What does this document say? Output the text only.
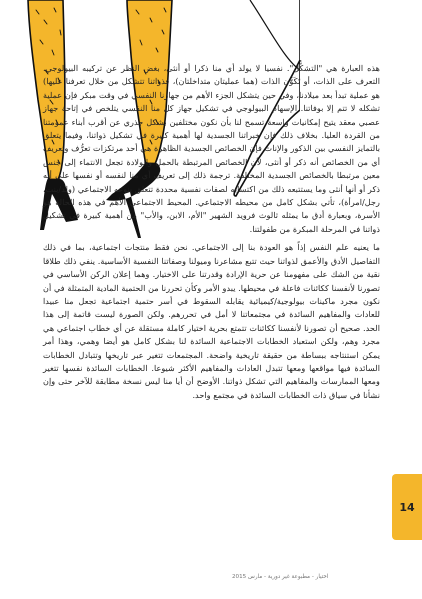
هذه العبارة هي "التشكُّل". نفسيا لا يولد أي منا ذكرا أو أنثى، بغض النظر عن تركيبه البيولوجي. التعرف على الذات، أو تَكَوُّن الذات (هما عمليتان متداخلتان)، فذواتنا تتشكل من خلال تعرفنا عليها) هو عملية تبدأ بعد ميلادنا، وفي حين يتشكل الجزء الأهم من جهازنا النفسي في وقت مبكر فإن عملية تشكله لا تتم إلا بوفاتنا. الإسهام البيولوجي في تشكيل جهاز كل منا النفسي يتلخص في إتاحة جهاز عصبي معقد يتيح إمكانيات واسعة تسمح لنا بأن نكون مختلفين بشكل جذري عن أقرب أبناء عمومتنا من القردة العليا. بخلاف ذلك فإن خبراتنا الجسدية لها أهمية كبيرة في تشكيل ذواتنا، وفيما يتعلق بالتمايز النفسي بين الذكور والإناث فإن الخصائص الجسدية الظاهرة هي أحد مرتكزات تعرُّف وتعريف أي من الخصائص أنه ذكر أو أنثى، لأن الخصائص المرتبطة بالحمل والولادة تجعل الانتماء إلى جنس معين مرتبطا بالخصائص الجسدية المختلفة. ترجمة ذلك إلى تعريف أي منا لنفسه أو نفسها على أنه ذكر أو أنها أنثى وما يستتبعه ذلك من اكتسابه لصفات نفسية محددة تتعلق بنوعه الاجتماعي (ولد/بنت، رجل/امرأة)، تأتي بشكل كامل من محيطه الاجتماعي. المحيط الاجتماعي الأهم في هذه الحالة هو الأسرة، وبعبارة أدق ما يمثله ثالوث فرويد الشهير "الأم، الابن، والأب" من أهمية كبيرة في تشكيل ذواتنا في المرحلة المبكرة من طفولتنا.

ما يعنيه علم النفس إذاً هو العودة بنا إلى الاجتماعي. نحن فقط منتجات اجتماعية، بما في ذلك التفاصيل الأدق والأعمق لذواتنا حيث تتبع مشاعرنا وميولنا وصفاتنا النفسية الأساسية. ينفي ذلك طلاقا نقية من الشك على مفهومنا عن حرية الإرادة وقدرتنا على الاختيار. وهما إعلان الركن الأساسي في تصورنا لأنفسنا ككائنات فاعلة في محيطها. يبدو الأمر وكأن تحررنا من الحتمية المادية المتمثلة في أن نكون مجرد ماكينات بيولوجية/كيميائية يقابله السقوط في أسر حتمية اجتماعية تجعل منا عبيدا للعادات والمفاهيم السائدة في مجتمعاتنا لا أمل في تحررهم. ولكن الصورة ليست قاتمة إلى هذا الحد. صحيح أن تصورنا لأنفسنا ككائنات تتمتع بحرية اختيار كاملة مستقلة عن أي خطاب اجتماعي هي مجرد وهم، ولكن استعباد الخطابات الاجتماعية السائدة لنا بشكل كامل هو أيضا وهمي، وهذا أمر يمكن استنتاجه ببساطة من حقيقة تاريخية واضحة. المجتمعات تتغير عبر تاريخها وتتبادل الخطابات السائدة فيها مواقعها ومعها تتبدل العادات والمفاهيم الأكثر شيوعا. الخطابات السائدة نفسها تتغير ومعها الممارسات والمفاهيم التي تشكل ذواتنا. الأوضح أن أيا منا ليس نسخة مطابقة للآخر حتى وإن نشأنا في سياق ذات الخطابات السائدة في مجتمع واحد.

14
اختيار - مطبوعة غير دورية - مارس 2015
